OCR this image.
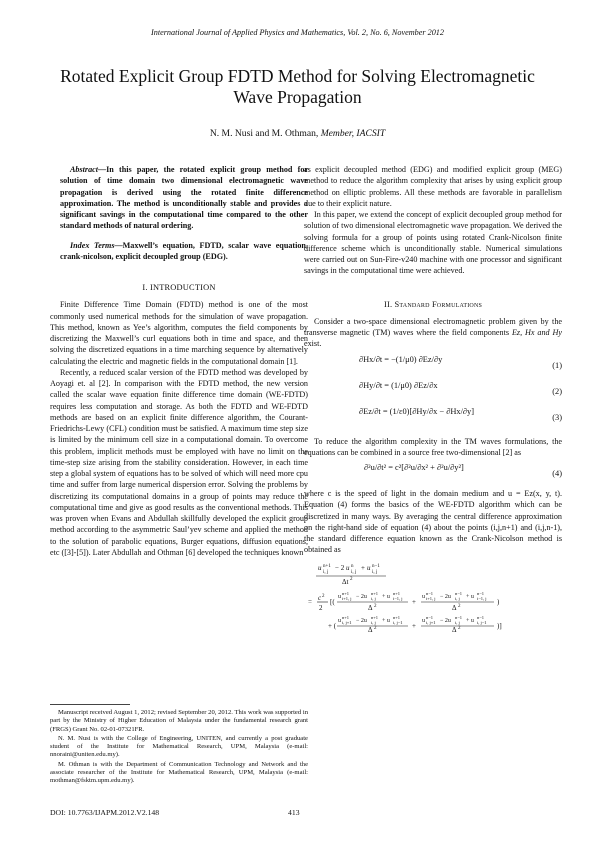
International Journal of Applied Physics and Mathematics, Vol. 2, No. 6, November 2012
Rotated Explicit Group FDTD Method for Solving Electromagnetic Wave Propagation
N. M. Nusi and M. Othman, Member, IACSIT

Abstract—In this paper, the rotated explicit group method for solution of time domain two dimensional electromagnetic wave propagation is derived using the rotated finite difference approximation. The method is unconditionally stable and provides a significant savings in the computational time compared to the other standard methods of natural ordering.

Index Terms—Maxwell’s equation, FDTD, scalar wave equation, crank-nicolson, explicit decoupled group (EDG).

I. INTRODUCTION

Finite Difference Time Domain (FDTD) method is one of the most commonly used numerical methods for the simulation of wave propagation. This method, known as Yee’s algorithm, computes the field components by discretizing the Maxwell’s curl equations both in time and space, and then solving the discretized equations in a time marching sequence by alternatively calculating the electric and magnetic fields in the computational domain [1].

Recently, a reduced scalar version of the FDTD method was developed by Aoyagi et. al [2]. In comparison with the FDTD method, the new version called the scalar wave equation finite difference time domain (WE-FDTD) requires less computation and storage. As both the FDTD and WE-FDTD methods are based on an explicit finite difference algorithm, the Courant-Friedrichs-Lewy (CFL) condition must be satisfied. A maximum time step size is limited by the minimum cell size in a computational domain. To overcome this problem, implicit methods must be employed with have no limit on the time-step size arising from the stability consideration. However, in each time step a global system of equations has to be solved of which will need more cpu time and suffer from large numerical dispersion error. Solving the problems by discretizing its computational domains in a group of points may reduce the computational time and give as good results as the conventional methods. This was proven when Evans and Abdullah skillfully developed the explicit group method according to the asymmetric Saul’yev scheme and applied the method to the solution of parabolic equations, Burger equations, diffusion equations, etc ([3]-[5]). Later Abdullah and Othman [6] developed the techniques known

Manuscript received August 1, 2012; revised September 20, 2012. This work was supported in part by the Ministry of Higher Education of Malaysia under the fundamental research grant (FRGS) Grant No. 02-01-07321FR.

N. M. Nusi is with the College of Engineering, UNITEN, and currently a post graduate student of the Institute for Mathematical Research, UPM, Malaysia (e-mail: nnoraini@uniten.edu.my).

M. Othman is with the Department of Communication Technology and Network and the associate researcher of the Institute for Mathematical Research, UPM, Malaysia (e-mail: mothman@fsktm.upm.edu.my).

as explicit decoupled method (EDG) and modified explicit group (MEG) method to reduce the algorithm complexity that arises by using explicit group method on elliptic problems. All these methods are favorable in parallelism due to their explicit nature.

In this paper, we extend the concept of explicit decoupled group method for solution of two dimensional electromagnetic wave propagation. We derived the solving formula for a group of points using rotated Crank-Nicolson finite difference scheme which is unconditionally stable. Numerical simulations were carried out on Sun-Fire-v240 machine with one processor and significant savings in the computational time were achieved.

II. Standard Formulations

Consider a two-space dimensional electromagnetic problem given by the transverse magnetic (TM) waves where the field components Ez, Hx and Hy exist.

∂Hx/∂t = −(1/μ0) ∂Ez/∂y
(1)
∂Hy/∂t = (1/μ0) ∂Ez/∂x
(2)
∂Ez/∂t = (1/ε0)[∂Hy/∂x − ∂Hx/∂y]
(3)

To reduce the algorithm complexity in the TM waves formulations, the equations can be combined in a source free two-dimensional [2] as

∂²u/∂t² = c²[∂²u/∂x² + ∂²u/∂y²]
(4)

where c is the speed of light in the domain medium and u = Ez(x, y, t). Equation (4) forms the basics of the WE-FDTD algorithm which can be discretized in many ways. By averaging the central difference approximation on the right-hand side of equation (4) about the points (i,j,n+1) and (i,j,n-1), the standard difference equation known as the Crank-Nicolson method is obtained as

u n+1
i, j
− 2 u n
i, j
+ u n−1
i, j
Δt 2
= c 2
2
[(
u
n+1
i+1, j − 2u
n+1
i, j + u
n+1
i−1, j
Δ 2
+
u
n−1
i+1, j − 2u
n−1
i, j + u
n−1
i−1, j
Δ 2
)
+ (
u
n+1
i, j+1 − 2u
n+1
i, j + u
n+1
i, j−1
Δ 2	+
u
n−1
i, j+1 − 2u
n−1
i, j + u
n−1
i, j−1
Δ 2	)]
DOI: 10.7763/IJAPM.2012.V2.148	413
